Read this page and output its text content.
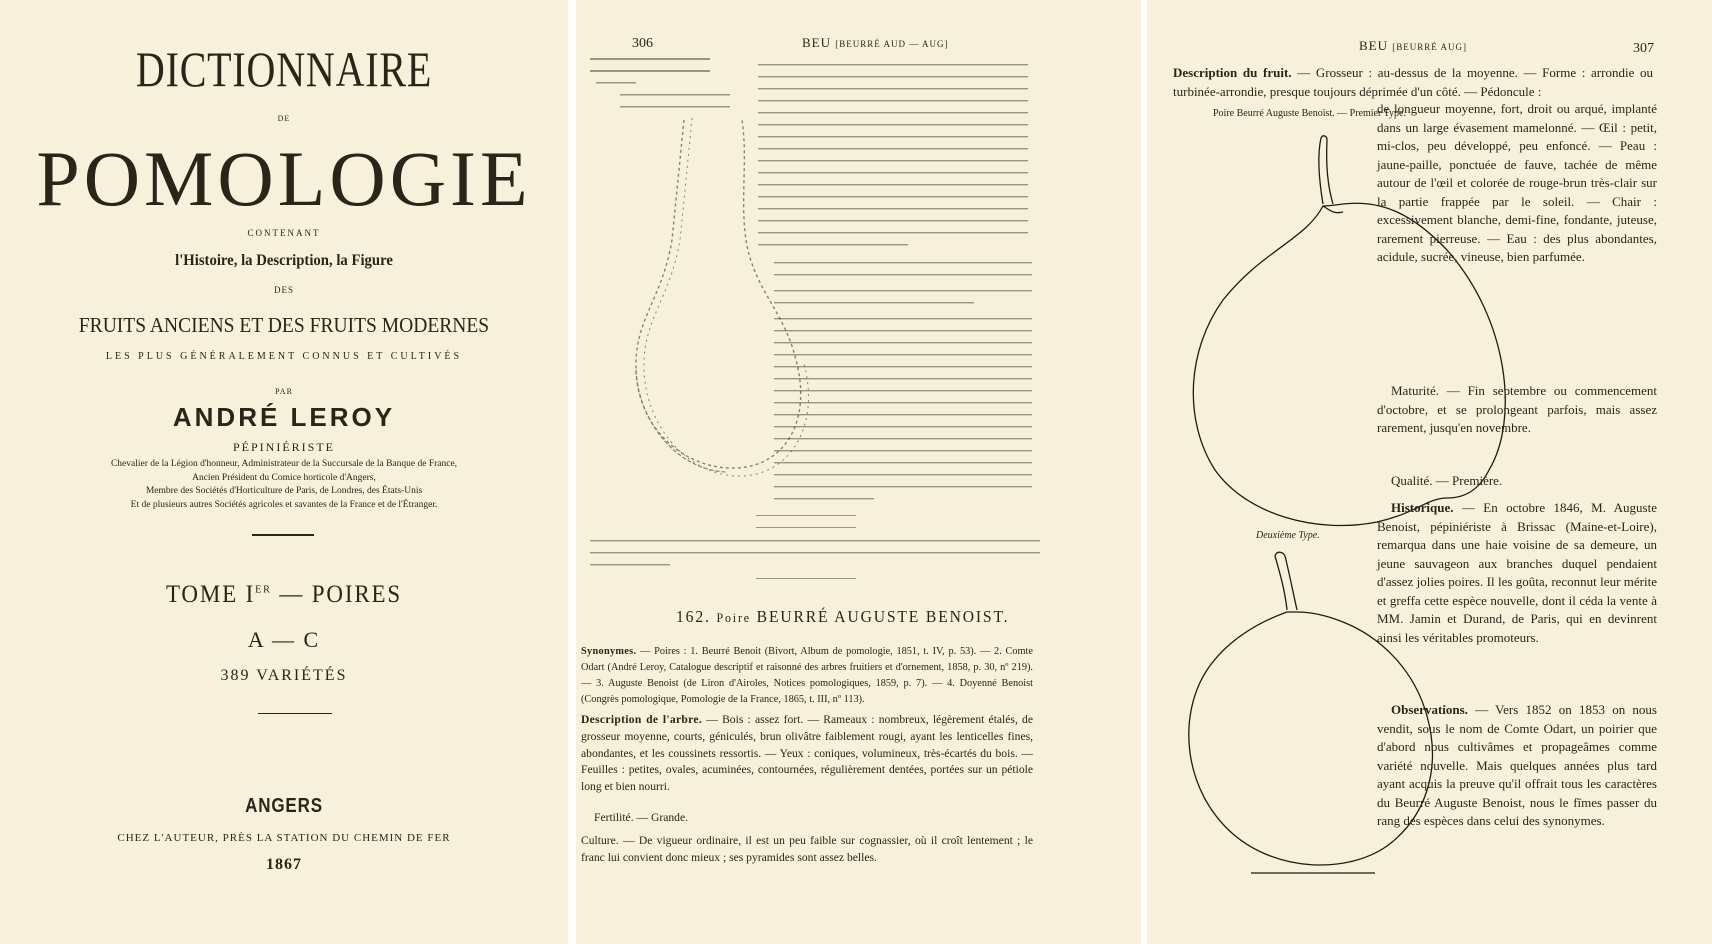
DICTIONNAIRE
DE
POMOLOGIE
CONTENANT
l'Histoire, la Description, la Figure
DES
FRUITS ANCIENS ET DES FRUITS MODERNES
LES PLUS GÉNÉRALEMENT CONNUS ET CULTIVÉS
PAR
ANDRÉ LEROY
PÉPINIÉRISTE
Chevalier de la Légion d'honneur, Administrateur de la Succursale de la Banque de France,
Ancien Président du Comice horticole d'Angers,
Membre des Sociétés d'Horticulture de Paris, de Londres, des États-Unis
Et de plusieurs autres Sociétés agricoles et savantes de la France et de l'Étranger.
TOME IER — POIRES
A — C
389 VARIÉTÉS
ANGERS
CHEZ L'AUTEUR, PRÈS LA STATION DU CHEMIN DE FER
1867
306	BEU [BEURRÉ AUD — AUG]
162. Poire BEURRÉ AUGUSTE BENOIST.
Synonymes. — Poires : 1. Beurré Benoit (Bivort, Album de pomologie, 1851, t. IV, p. 53). — 2. Comte Odart (André Leroy, Catalogue descriptif et raisonné des arbres fruitiers et d'ornement, 1858, p. 30, nº 219). — 3. Auguste Benoist (de Liron d'Airoles, Notices pomologiques, 1859, p. 7). — 4. Doyenné Benoist (Congrès pomologique, Pomologie de la France, 1865, t. III, nº 113).
Description de l'arbre. — Bois : assez fort. — Rameaux : nombreux, légèrement étalés, de grosseur moyenne, courts, géniculés, brun olivâtre faiblement rougi, ayant les lenticelles fines, abondantes, et les coussinets ressortis. — Yeux : coniques, volumineux, très-écartés du bois. — Feuilles : petites, ovales, acuminées, contournées, régulièrement dentées, portées sur un pétiole long et bien nourri.
Fertilité. — Grande.
Culture. — De vigueur ordinaire, il est un peu faible sur cognassier, où il croît lentement ; le franc lui convient donc mieux ; ses pyramides sont assez belles.
BEU [BEURRÉ AUG]	307
Description du fruit. — Grosseur : au-dessus de la moyenne. — Forme : arrondie ou turbinée-arrondie, presque toujours déprimée d'un côté. — Pédoncule :
Poire Beurré Auguste Benoist. — Premier Type.
Deuxième Type.
de longueur moyenne, fort, droit ou arqué, implanté dans un large évasement mamelonné. — Œil : petit, mi-clos, peu développé, peu enfoncé. — Peau : jaune-paille, ponctuée de fauve, tachée de même autour de l'œil et colorée de rouge-brun très-clair sur la partie frappée par le soleil. — Chair : excessivement blanche, demi-fine, fondante, juteuse, rarement pierreuse. — Eau : des plus abondantes, acidule, sucrée, vineuse, bien parfumée.
Maturité. — Fin septembre ou commencement d'octobre, et se prolongeant parfois, mais assez rarement, jusqu'en novembre.
Qualité. — Première.
Historique. — En octobre 1846, M. Auguste Benoist, pépiniériste à Brissac (Maine-et-Loire), remarqua dans une haie voisine de sa demeure, un jeune sauvageon aux branches duquel pendaient d'assez jolies poires. Il les goûta, reconnut leur mérite et greffa cette espèce nouvelle, dont il céda la vente à MM. Jamin et Durand, de Paris, qui en devinrent ainsi les véritables promoteurs.
Observations. — Vers 1852 on 1853 on nous vendit, sous le nom de Comte Odart, un poirier que d'abord nous cultivâmes et propageâmes comme variété nouvelle. Mais quelques années plus tard ayant acquis la preuve qu'il offrait tous les caractères du Beurré Auguste Benoist, nous le fîmes passer du rang des espèces dans celui des synonymes.
